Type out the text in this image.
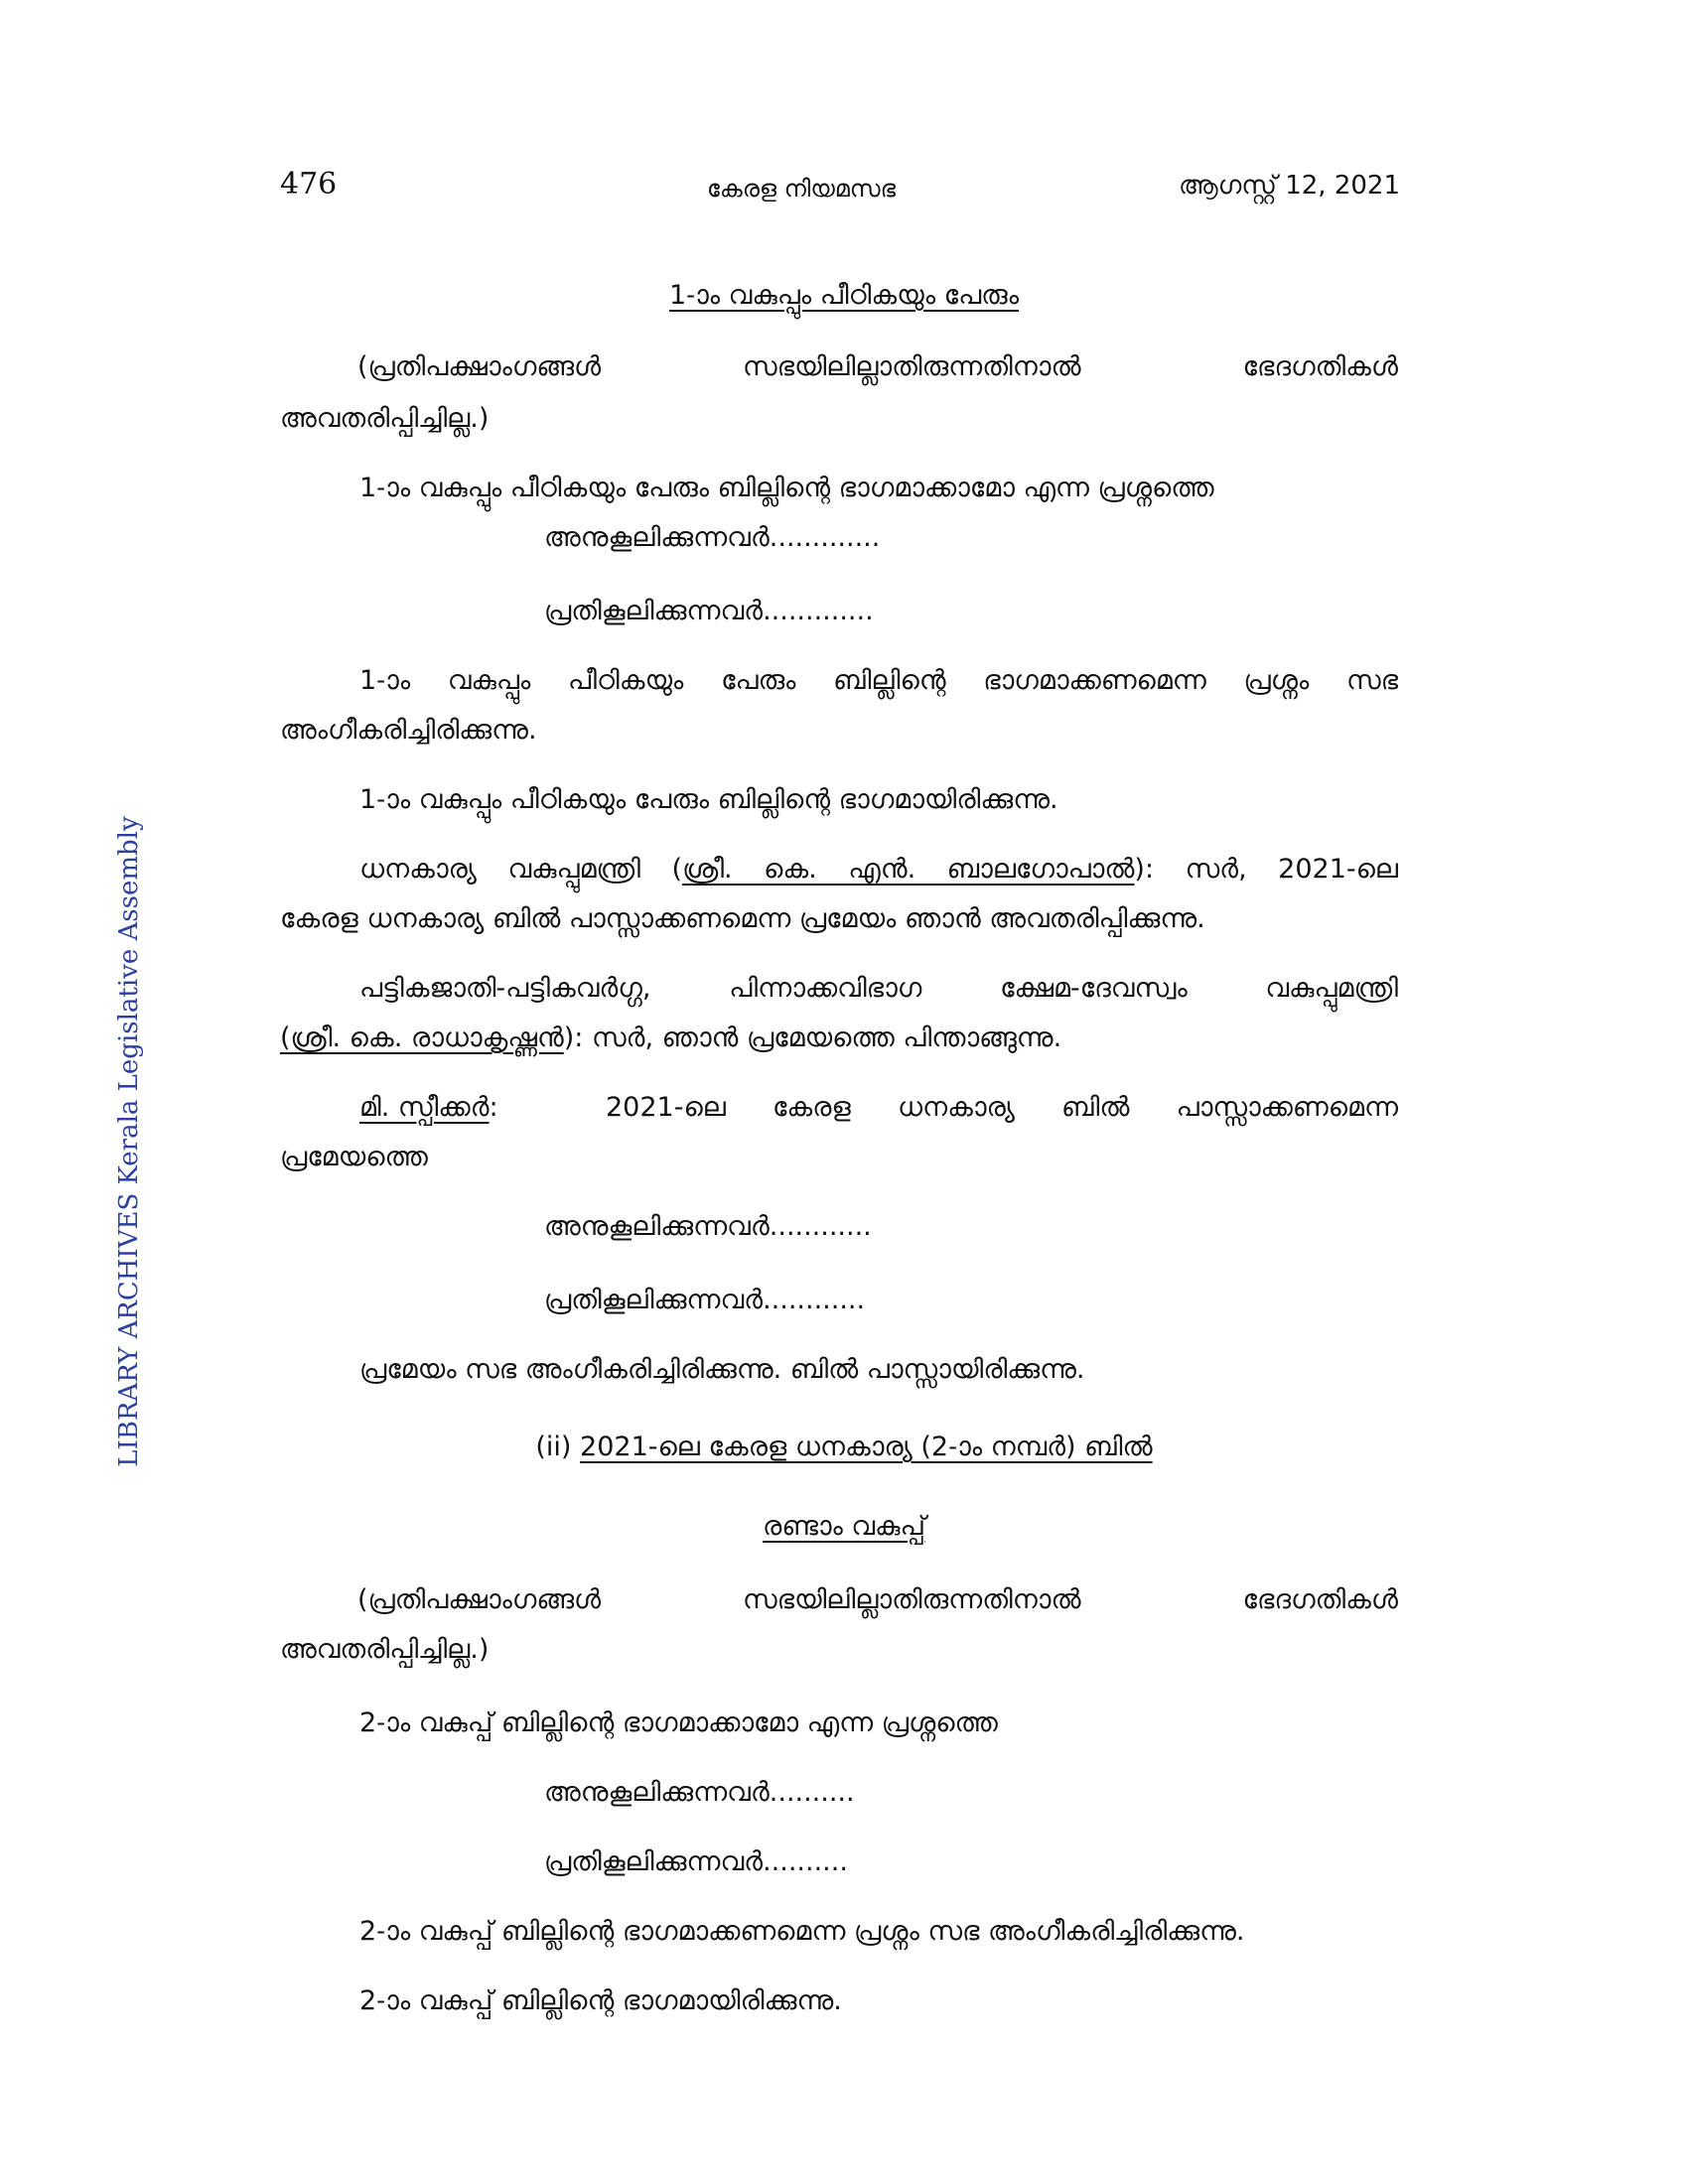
476	കേരള നിയമസഭ	ആഗസ്റ്റ് 12, 2021
LIBRARY ARCHIVES Kerala Legislative Assembly
1-ാം വകുപ്പും പീഠികയും പേരും
(പ്രതിപക്ഷാംഗങ്ങൾ	സഭയിലില്ലാതിരുന്നതിനാൽ	ഭേദഗതികൾ
അവതരിപ്പിച്ചില്ല.)
1-ാം വകുപ്പും പീഠികയും പേരും ബില്ലിന്റെ ഭാഗമാക്കാമോ എന്ന പ്രശ്നത്തെ
അനുകൂലിക്കുന്നവർ.............
പ്രതികൂലിക്കുന്നവർ.............
1-ാം വകുപ്പും പീഠികയും പേരും ബില്ലിന്റെ ഭാഗമാക്കണമെന്ന പ്രശ്നം സഭ
അംഗീകരിച്ചിരിക്കുന്നു.
1-ാം വകുപ്പും പീഠികയും പേരും ബില്ലിന്റെ ഭാഗമായിരിക്കുന്നു.
ധനകാര്യ വകുപ്പുമന്ത്രി (ശ്രീ. കെ. എൻ. ബാലഗോപാൽ): സർ, 2021-ലെ
കേരള ധനകാര്യ ബിൽ പാസ്സാക്കണമെന്ന പ്രമേയം ഞാൻ അവതരിപ്പിക്കുന്നു.
പട്ടികജാതി-പട്ടികവർഗ്ഗ, പിന്നാക്കവിഭാഗ ക്ഷേമ-ദേവസ്വം വകുപ്പുമന്ത്രി
(ശ്രീ. കെ. രാധാകൃഷ്ണൻ): സർ, ഞാൻ പ്രമേയത്തെ പിന്താങ്ങുന്നു.
മി. സ്പീക്കർ:	2021-ലെ കേരള ധനകാര്യ ബിൽ പാസ്സാക്കണമെന്ന
പ്രമേയത്തെ
അനുകൂലിക്കുന്നവർ............
പ്രതികൂലിക്കുന്നവർ............
പ്രമേയം സഭ അംഗീകരിച്ചിരിക്കുന്നു. ബിൽ പാസ്സായിരിക്കുന്നു.
(ii) 2021-ലെ കേരള ധനകാര്യ (2-ാം നമ്പർ) ബിൽ
രണ്ടാം വകുപ്പ്
(പ്രതിപക്ഷാംഗങ്ങൾ	സഭയിലില്ലാതിരുന്നതിനാൽ	ഭേദഗതികൾ
അവതരിപ്പിച്ചില്ല.)
2-ാം വകുപ്പ് ബില്ലിന്റെ ഭാഗമാക്കാമോ എന്ന പ്രശ്നത്തെ
അനുകൂലിക്കുന്നവർ..........
പ്രതികൂലിക്കുന്നവർ..........
2-ാം വകുപ്പ് ബില്ലിന്റെ ഭാഗമാക്കണമെന്ന പ്രശ്നം സഭ അംഗീകരിച്ചിരിക്കുന്നു.
2-ാം വകുപ്പ് ബില്ലിന്റെ ഭാഗമായിരിക്കുന്നു.
